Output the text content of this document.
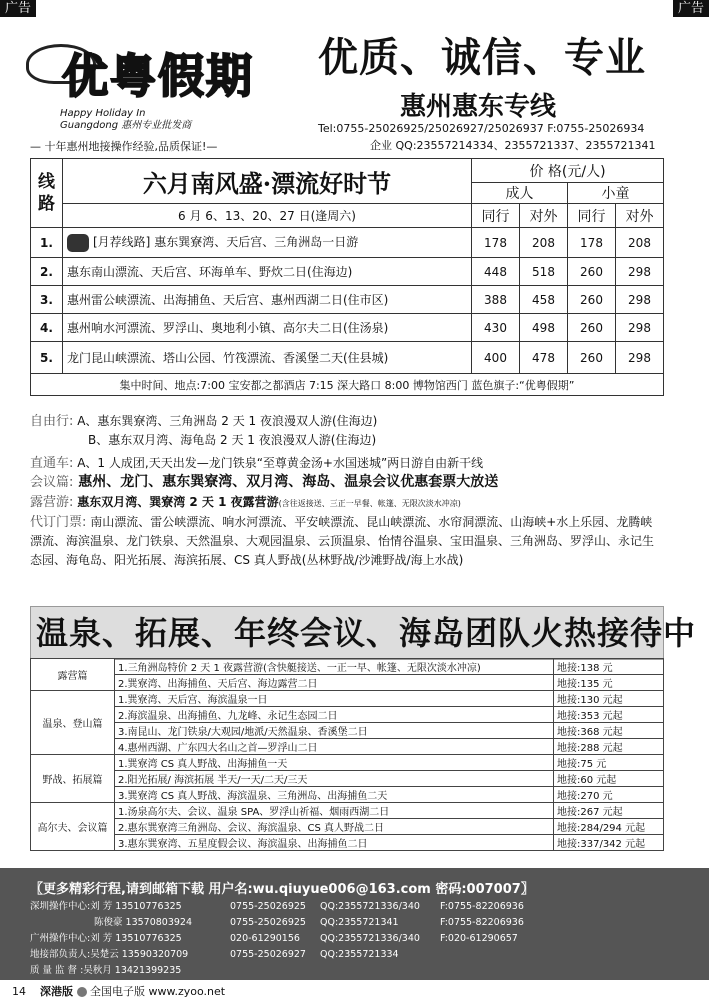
广告	广告
优粤假期
Happy Holiday In
Guangdong 惠州专业批发商
— 十年惠州地接操作经验,品质保证!—
优质、诚信、专业
惠州惠东专线
Tel:0755-25026925/25026927/25026937 F:0755-25026934
企业 QQ:23557214334、2355721337、2355721341
线路	六月南风盛·漂流好时节	价 格(元/人)			
		成人		小童	
	6 月 6、13、20、27 日(逢周六)	同行	对外	同行	对外
1.	[月荐线路] 惠东巽寮湾、天后宫、三角洲岛一日游	178	208	178	208
2.	惠东南山漂流、天后宫、环海单车、野炊二日(住海边)	448	518	260	298
3.	惠州雷公峡漂流、出海捕鱼、天后宫、惠州西湖二日(住市区)	388	458	260	298
4.	惠州响水河漂流、罗浮山、奥地利小镇、高尔夫二日(住汤泉)	430	498	260	298
5.	龙门昆山峡漂流、塔山公园、竹筏漂流、香溪堡二天(住县城)	400	478	260	298
集中时间、地点:7:00 宝安都之都酒店 7:15 深大路口 8:00 博物馆西门 蓝色旗子:“优粤假期”					
自由行: A、惠东巽寮湾、三角洲岛 2 天 1 夜浪漫双人游(住海边)
B、惠东双月湾、海龟岛 2 天 1 夜浪漫双人游(住海边)
直通车: A、1 人成团,天天出发—龙门铁泉“至尊黄金汤+水国迷城”两日游自由新干线
会议篇: 惠州、龙门、惠东巽寮湾、双月湾、海岛、温泉会议优惠套票大放送
露营游: 惠东双月湾、巽寮湾 2 天 1 夜露营游(含往返接送、三正一早餐、帐篷、无限次淡水冲凉)
代订门票: 南山漂流、雷公峡漂流、响水河漂流、平安峡漂流、昆山峡漂流、水帘洞漂流、山海峡+水上乐园、龙腾峡漂流、海滨温泉、龙门铁泉、天然温泉、大观园温泉、云顶温泉、怡情谷温泉、宝田温泉、三角洲岛、罗浮山、永记生态园、海龟岛、阳光拓展、海滨拓展、CS 真人野战(丛林野战/沙滩野战/海上水战)
温泉、拓展、年终会议、海岛团队火热接待中
露营篇	1.三角洲岛特价 2 天 1 夜露营游(含快艇接送、一正一早、帐篷、无限次淡水冲凉)	地接:138 元
	2.巽寮湾、出海捕鱼、天后宫、海边露营二日	地接:135 元
温泉、登山篇	1.巽寮湾、天后宫、海滨温泉一日	地接:130 元起
	2.海滨温泉、出海捕鱼、九龙峰、永记生态园二日	地接:353 元起
	3.南昆山、龙门铁泉/大观园/地派/天然温泉、香溪堡二日	地接:368 元起
	4.惠州西湖、广东四大名山之首—罗浮山二日	地接:288 元起
野战、拓展篇	1.巽寮湾 CS 真人野战、出海捕鱼一天	地接:75 元
	2.阳光拓展/ 海滨拓展 半天/一天/二天/三天	地接:60 元起
	3.巽寮湾 CS 真人野战、海滨温泉、三角洲岛、出海捕鱼二天	地接:270 元
高尔夫、会议篇	1.汤泉高尔夫、会议、温泉 SPA、罗浮山祈福、烟雨西湖二日	地接:267 元起
	2.惠东巽寮湾三角洲岛、会议、海滨温泉、CS 真人野战二日	地接:284/294 元起
	3.惠东巽寮湾、五星度假会议、海滨温泉、出海捕鱼二日	地接:337/342 元起
〖更多精彩行程,请到邮箱下载 用户名:wu.qiuyue006@163.com 密码:007007〗
深圳操作中心:刘 芳 13510776325	0755-25026925 QQ:2355721336/340 F:0755-82206936
陈俊豪 13570803924	0755-25026925 QQ:2355721341	F:0755-82206936
广州操作中心:刘 芳 13510776325	020-61290156 QQ:2355721336/340 F:020-61290657
地接部负责人:吴楚云 13590320709	0755-25026927 QQ:2355721334
质 量 监 督 :吴秋月 13421399235
14 深港版 全国电子版 www.zyoo.net
